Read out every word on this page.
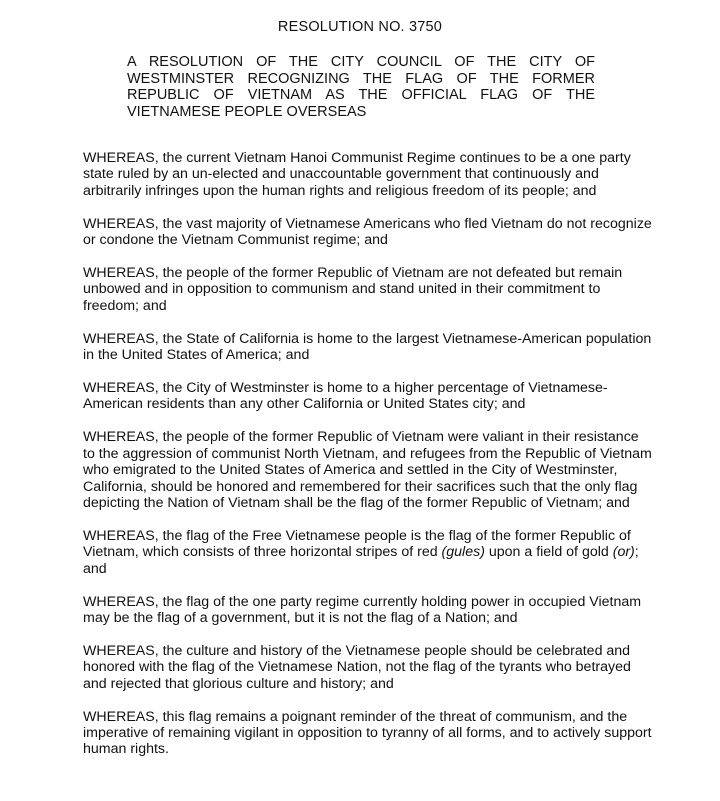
RESOLUTION NO. 3750
A RESOLUTION OF THE CITY COUNCIL OF THE CITY OF WESTMINSTER RECOGNIZING THE FLAG OF THE FORMER REPUBLIC OF VIETNAM AS THE OFFICIAL FLAG OF THE VIETNAMESE PEOPLE OVERSEAS

WHEREAS, the current Vietnam Hanoi Communist Regime continues to be a one party state ruled by an un-elected and unaccountable government that continuously and arbitrarily infringes upon the human rights and religious freedom of its people; and

WHEREAS, the vast majority of Vietnamese Americans who fled Vietnam do not recognize or condone the Vietnam Communist regime; and

WHEREAS, the people of the former Republic of Vietnam are not defeated but remain unbowed and in opposition to communism and stand united in their commitment to freedom; and

WHEREAS, the State of California is home to the largest Vietnamese-American population in the United States of America; and

WHEREAS, the City of Westminster is home to a higher percentage of Vietnamese-American residents than any other California or United States city; and

WHEREAS, the people of the former Republic of Vietnam were valiant in their resistance to the aggression of communist North Vietnam, and refugees from the Republic of Vietnam who emigrated to the United States of America and settled in the City of Westminster, California, should be honored and remembered for their sacrifices such that the only flag depicting the Nation of Vietnam shall be the flag of the former Republic of Vietnam; and

WHEREAS, the flag of the Free Vietnamese people is the flag of the former Republic of Vietnam, which consists of three horizontal stripes of red (gules) upon a field of gold (or); and

WHEREAS, the flag of the one party regime currently holding power in occupied Vietnam may be the flag of a government, but it is not the flag of a Nation; and

WHEREAS, the culture and history of the Vietnamese people should be celebrated and honored with the flag of the Vietnamese Nation, not the flag of the tyrants who betrayed and rejected that glorious culture and history; and

WHEREAS, this flag remains a poignant reminder of the threat of communism, and the imperative of remaining vigilant in opposition to tyranny of all forms, and to actively support human rights.
